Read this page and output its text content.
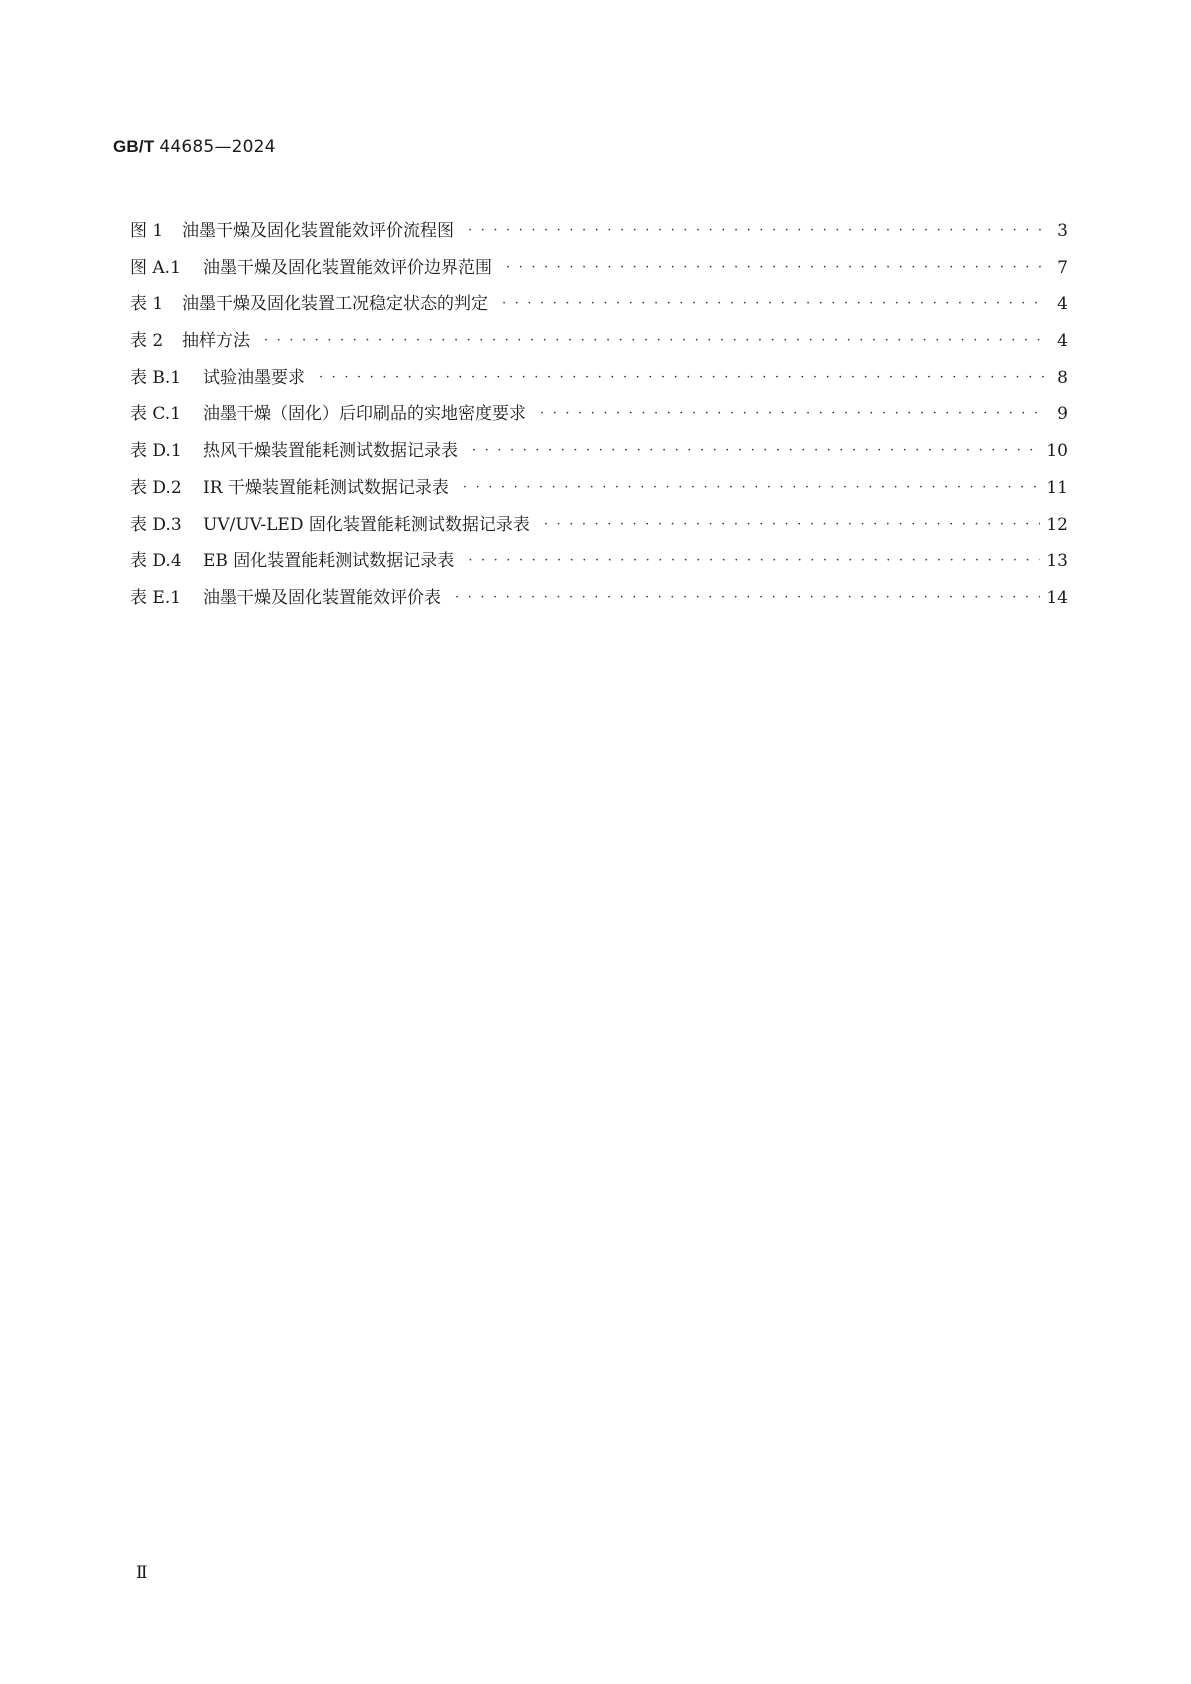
GB/T 44685—2024
图 1	油墨干燥及固化装置能效评价流程图 · · ·	3
图 A.1	油墨干燥及固化装置能效评价边界范围 · · ·	7
表 1	油墨干燥及固化装置工况稳定状态的判定 · · ·	4
表 2	抽样方法 · · ·	4
表 B.1	试验油墨要求 · · ·	8
表 C.1	油墨干燥（固化）后印刷品的实地密度要求 · · ·	9
表 D.1	热风干燥装置能耗测试数据记录表 · · ·	10
表 D.2	IR 干燥装置能耗测试数据记录表 · · ·	11
表 D.3	UV/UV-LED 固化装置能耗测试数据记录表 · · ·	12
表 D.4	EB 固化装置能耗测试数据记录表 · · ·	13
表 E.1	油墨干燥及固化装置能效评价表 · · ·	14
Ⅱ
